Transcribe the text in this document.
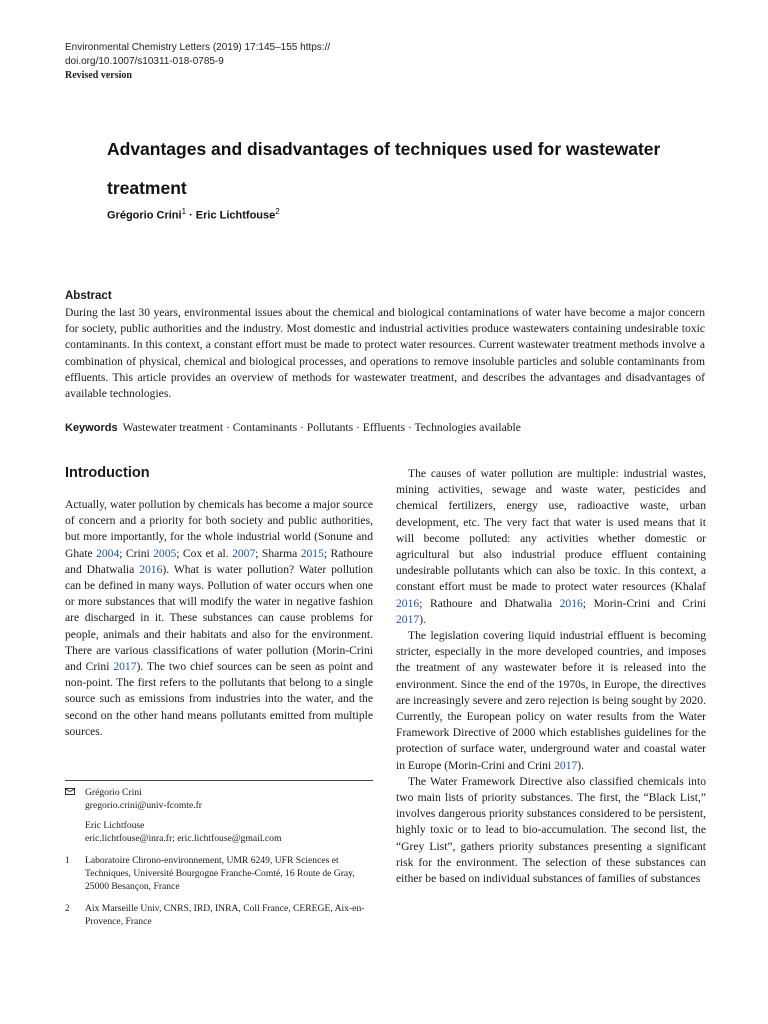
Environmental Chemistry Letters (2019) 17:145–155 https://
doi.org/10.1007/s10311-018-0785-9
Revised version
Advantages and disadvantages of techniques used for wastewater
treatment
Grégorio Crini$^1$ · Eric Lichtfouse$^2$
Abstract
During the last 30 years, environmental issues about the chemical and biological contaminations of water have become a major concern for society, public authorities and the industry. Most domestic and industrial activities produce wastewaters containing undesirable toxic contaminants. In this context, a constant effort must be made to protect water resources. Current wastewater treatment methods involve a combination of physical, chemical and biological processes, and operations to remove insoluble particles and soluble contaminants from effluents. This article provides an overview of methods for wastewater treatment, and describes the advantages and disadvantages of available technologies.
Keywords Wastewater treatment · Contaminants · Pollutants · Effluents · Technologies available
Introduction

Actually, water pollution by chemicals has become a major source of concern and a priority for both society and public authorities, but more importantly, for the whole industrial world (Sonune and Ghate 2004; Crini 2005; Cox et al. 2007; Sharma 2015; Rathoure and Dhatwalia 2016). What is water pollution? Water pollution can be defined in many ways. Pollution of water occurs when one or more substances that will modify the water in negative fashion are discharged in it. These substances can cause problems for people, animals and their habitats and also for the environment. There are various classifications of water pollution (Morin-Crini and Crini 2017). The two chief sources can be seen as point and non-point. The first refers to the pollutants that belong to a single source such as emissions from industries into the water, and the second on the other hand means pollutants emitted from multiple sources.

The causes of water pollution are multiple: industrial wastes, mining activities, sewage and waste water, pesticides and chemical fertilizers, energy use, radioactive waste, urban development, etc. The very fact that water is used means that it will become polluted: any activities whether domestic or agricultural but also industrial produce effluent containing undesirable pollutants which can also be toxic. In this context, a constant effort must be made to protect water resources (Khalaf 2016; Rathoure and Dhatwalia 2016; Morin-Crini and Crini 2017).

The legislation covering liquid industrial effluent is becoming stricter, especially in the more developed countries, and imposes the treatment of any wastewater before it is released into the environment. Since the end of the 1970s, in Europe, the directives are increasingly severe and zero rejection is being sought by 2020. Currently, the European policy on water results from the Water Framework Directive of 2000 which establishes guidelines for the protection of surface water, underground water and coastal water in Europe (Morin-Crini and Crini 2017).

The Water Framework Directive also classified chemicals into two main lists of priority substances. The first, the “Black List,” involves dangerous priority substances considered to be persistent, highly toxic or to lead to bio-accumulation. The second list, the “Grey List”, gathers priority substances presenting a significant risk for the environment. The selection of these substances can either be based on individual substances of families of substances

Grégorio Crini
gregorio.crini@univ-fcomte.fr
Eric Lichtfouse
eric.lichtfouse@inra.fr; eric.lichtfouse@gmail.com
1 Laboratoire Chrono-environnement, UMR 6249, UFR Sciences et Techniques, Université Bourgogne Franche-Comté, 16 Route de Gray, 25000 Besançon, France
2 Aix Marseille Univ, CNRS, IRD, INRA, Coll France, CEREGE, Aix-en-Provence, France
